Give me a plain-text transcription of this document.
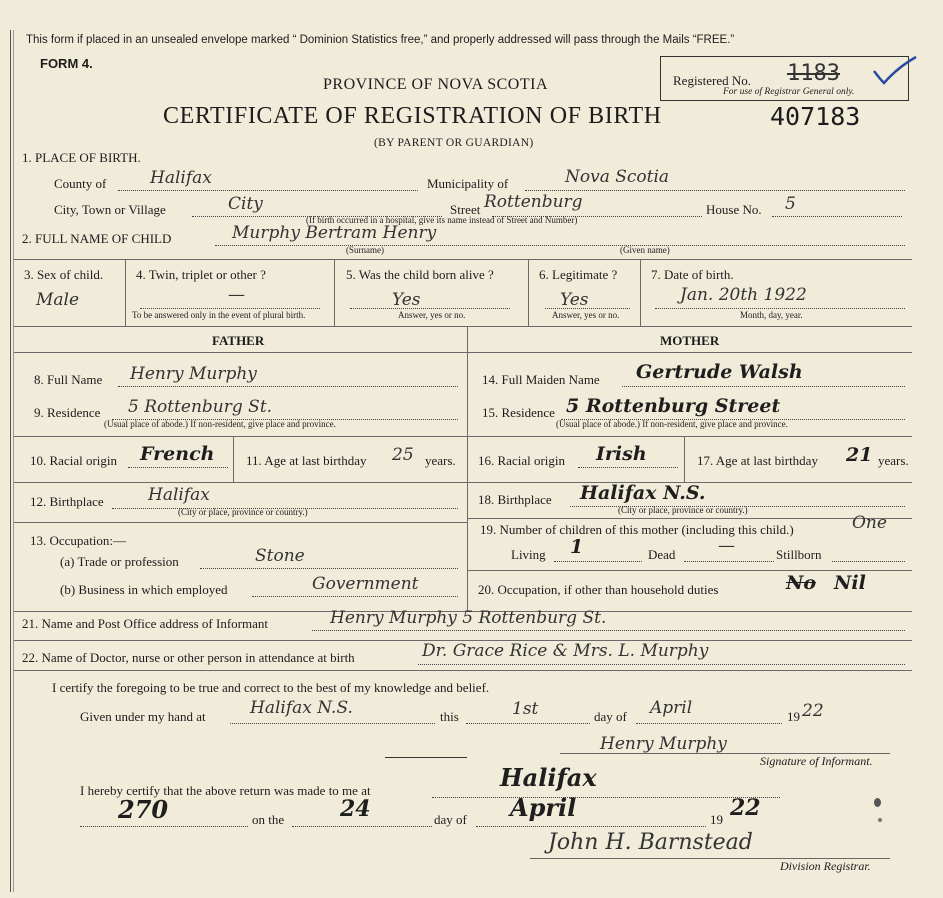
This form if placed in an unsealed envelope marked “ Dominion Statistics free,” and properly addressed will pass through the Mails “FREE.”
FORM 4.
PROVINCE OF NOVA SCOTIA
CERTIFICATE OF REGISTRATION OF BIRTH	407183
(BY PARENT OR GUARDIAN)
Registered No. 1183
For use of Registrar General only.
1. PLACE OF BIRTH.
County of	Halifax	Municipality of	Nova Scotia
City, Town or Village	City	Street Rottenburg	House No. 5
(If birth occurred in a hospital, give its name instead of Street and Number)
2. FULL NAME OF CHILD	Murphy Bertram Henry
(Surname)	(Given name)
3. Sex of child.
Male
4. Twin, triplet or other ?
—
To be answered only in the event of plural birth.
5. Was the child born alive ?
Yes
Answer, yes or no.
6. Legitimate ?
Yes
Answer, yes or no.
7. Date of birth.
Jan. 20th 1922
Month, day, year.
FATHER	MOTHER
8. Full Name Henry Murphy
9. Residence 5 Rottenburg St.
(Usual place of abode.) If non-resident, give place and province.
10. Racial origin French 11. Age at last birthday 25 years.
12. Birthplace	Halifax
(City or place, province or country.)
13. Occupation:—
(a) Trade or profession	Stone
(b) Business in which employed	Government
14. Full Maiden Name Gertrude Walsh
15. Residence 5 Rottenburg Street
(Usual place of abode.) If non-resident, give place and province.
16. Racial origin Irish	17. Age at last birthday 21 years.
18. Birthplace Halifax N.S.
(City or place, province or country.)
19. Number of children of this mother (including this child.)	One
Living 1	Dead	—	Stillborn
20. Occupation, if other than household duties	No Nil
21. Name and Post Office address of Informant	Henry Murphy 5 Rottenburg St.
22. Name of Doctor, nurse or other person in attendance at birth	Dr. Grace Rice & Mrs. L. Murphy
I certify the foregoing to be true and correct to the best of my knowledge and belief.
Given under my hand at	Halifax N.S.	this	1st	day of April	19 22
Henry Murphy
Signature of Informant.
I hereby certify that the above return was made to me at	Halifax
270	on the	24	day of April	19 22
John H. Barnstead
Division Registrar.
